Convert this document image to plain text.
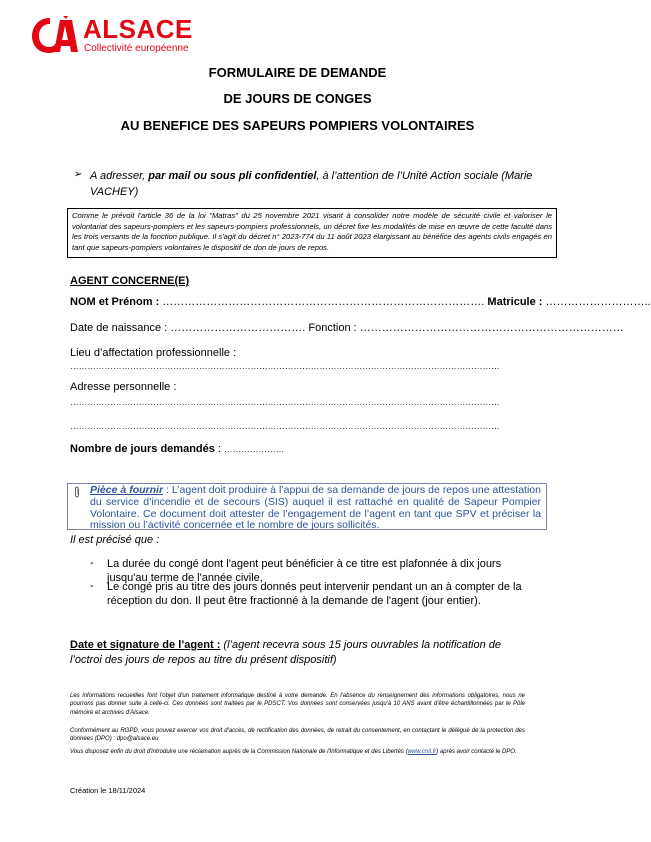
ALSACE
Collectivité européenne
FORMULAIRE DE DEMANDE
DE JOURS DE CONGES
AU BENEFICE DES SAPEURS POMPIERS VOLONTAIRES
➢ A adresser, par mail ou sous pli confidentiel, à l’attention de l’Unité Action sociale (Marie VACHEY)
Comme le prévoit l'article 36 de la loi "Matras" du 25 novembre 2021 visant à consolider notre modèle de sécurité civile et valoriser le volontariat des sapeurs-pompiers et les sapeurs-pompiers professionnels, un décret fixe les modalités de mise en œuvre de cette faculté dans les trois versants de la fonction publique. Il s'agit du décret n° 2023-774 du 11 août 2023 élargissant au bénéfice des agents civils engagés en tant que sapeurs-pompiers volontaires le dispositif de don de jours de repos.
AGENT CONCERNE(E)
NOM et Prénom : ……………………………………………………………………………. Matricule : ………………………..
Date de naissance : ………………………………. Fonction : ………………………………………………………………
Lieu d’affectation professionnelle :
……………………………………………………………………………………………………………………………………
Adresse personnelle :
……………………………………………………………………………………………………………………………………
……………………………………………………………………………………………………………………………………
Nombre de jours demandés : …………………
Pièce à fournir : L’agent doit produire à l’appui de sa demande de jours de repos une attestation du service d’incendie et de secours (SIS) auquel il est rattaché en qualité de Sapeur Pompier Volontaire. Ce document doit attester de l’engagement de l’agent en tant que SPV et préciser la mission ou l’activité concernée et le nombre de jours sollicités.
Il est précisé que :
- La durée du congé dont l'agent peut bénéficier à ce titre est plafonnée à dix jours jusqu'au terme de l'année civile,
- Le congé pris au titre des jours donnés peut intervenir pendant un an à compter de la réception du don. Il peut être fractionné à la demande de l'agent (jour entier).
Date et signature de l’agent : (l’agent recevra sous 15 jours ouvrables la notification de l’octroi des jours de repos au titre du présent dispositif)
Les informations recueillies font l'objet d'un traitement informatique destiné à votre demande. En l'absence du renseignement des informations obligatoires, nous ne pourrons pas donner suite à celle-ci. Ces données sont traitées par le PDSCT. Vos données sont conservées jusqu'à 10 ANS avant d'être échantillonnées par le Pôle mémoire et archives d'Alsace.
Conformément au RGPD, vous pouvez exercer vos droit d'accès, de rectification des données, de retrait du consentement, en contactant le délégué de la protection des données (DPO) : dpo@alsace.eu
Vous disposez enfin du droit d'introduire une réclamation auprès de la Commission Nationale de l'Informatique et des Libertés (www.cnil.fr) après avoir contacté le DPO.
Création le 18/11/2024
